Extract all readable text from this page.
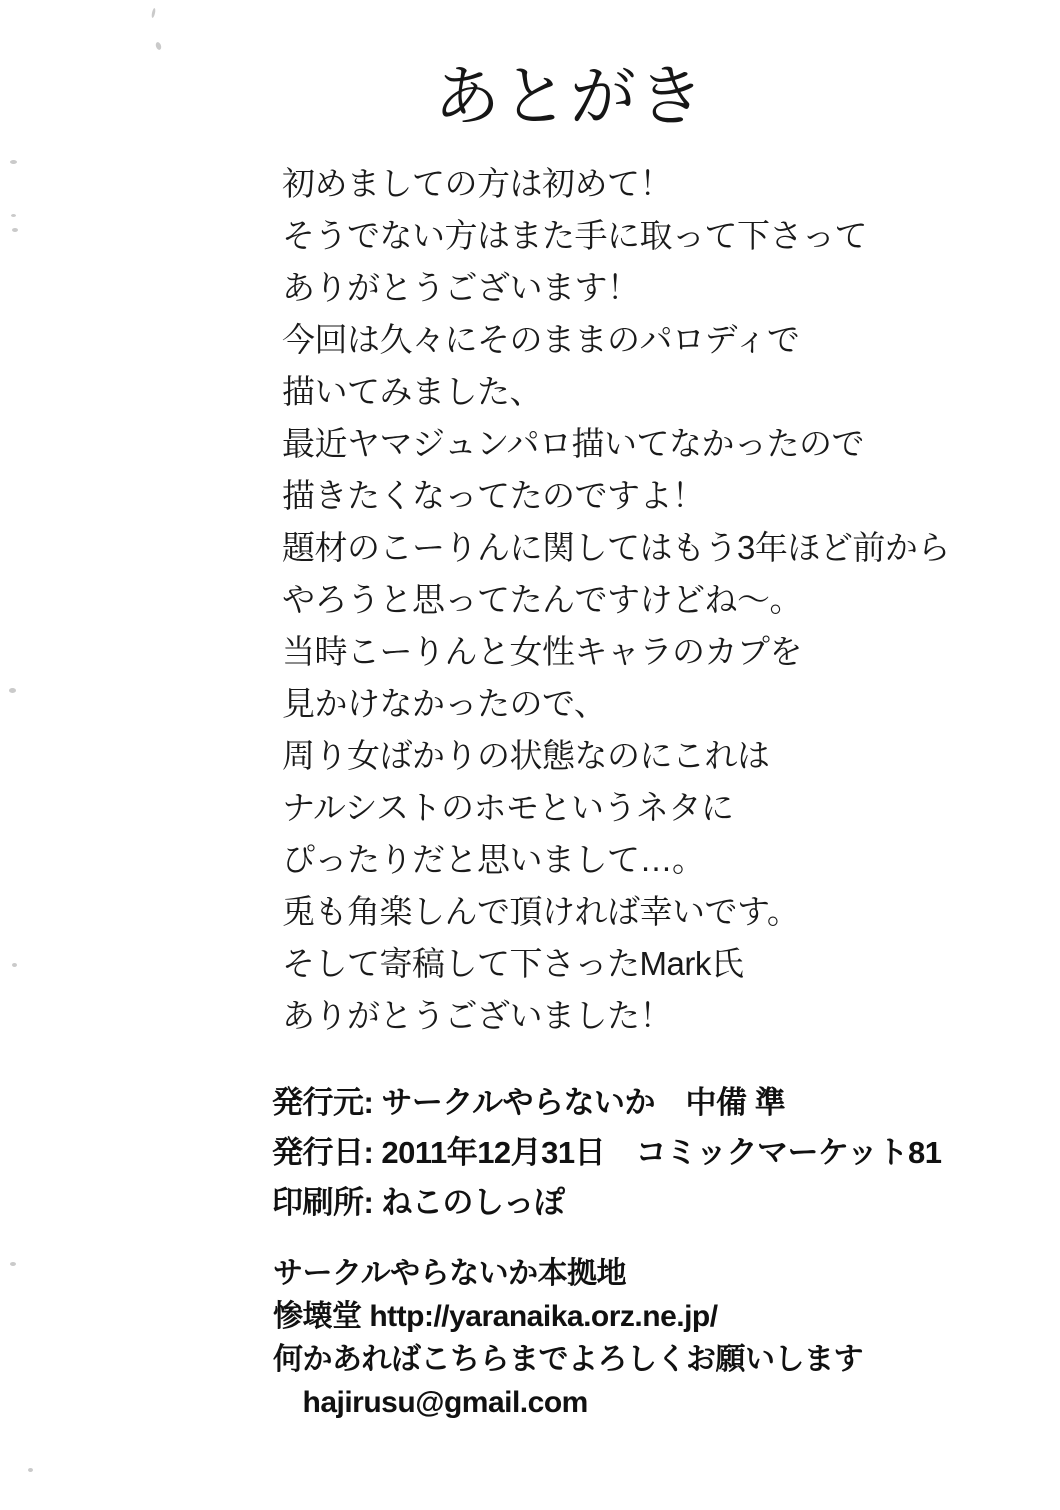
あとがき
初めましての方は初めて！
そうでない方はまた手に取って下さって
ありがとうございます！
今回は久々にそのままのパロディで
描いてみました、
最近ヤマジュンパロ描いてなかったので
描きたくなってたのですよ！
題材のこーりんに関してはもう3年ほど前から
やろうと思ってたんですけどね～。
当時こーりんと女性キャラのカプを
見かけなかったので、
周り女ばかりの状態なのにこれは
ナルシストのホモというネタに
ぴったりだと思いまして…。
兎も角楽しんで頂ければ幸いです。
そして寄稿して下さったMark氏
ありがとうございました！
発行元: サークルやらないか　中備 準
発行日: 2011年12月31日　コミックマーケット81
印刷所: ねこのしっぽ
サークルやらないか本拠地
惨壊堂 http://yaranaika.orz.ne.jp/
何かあればこちらまでよろしくお願いします
　hajirusu@gmail.com
